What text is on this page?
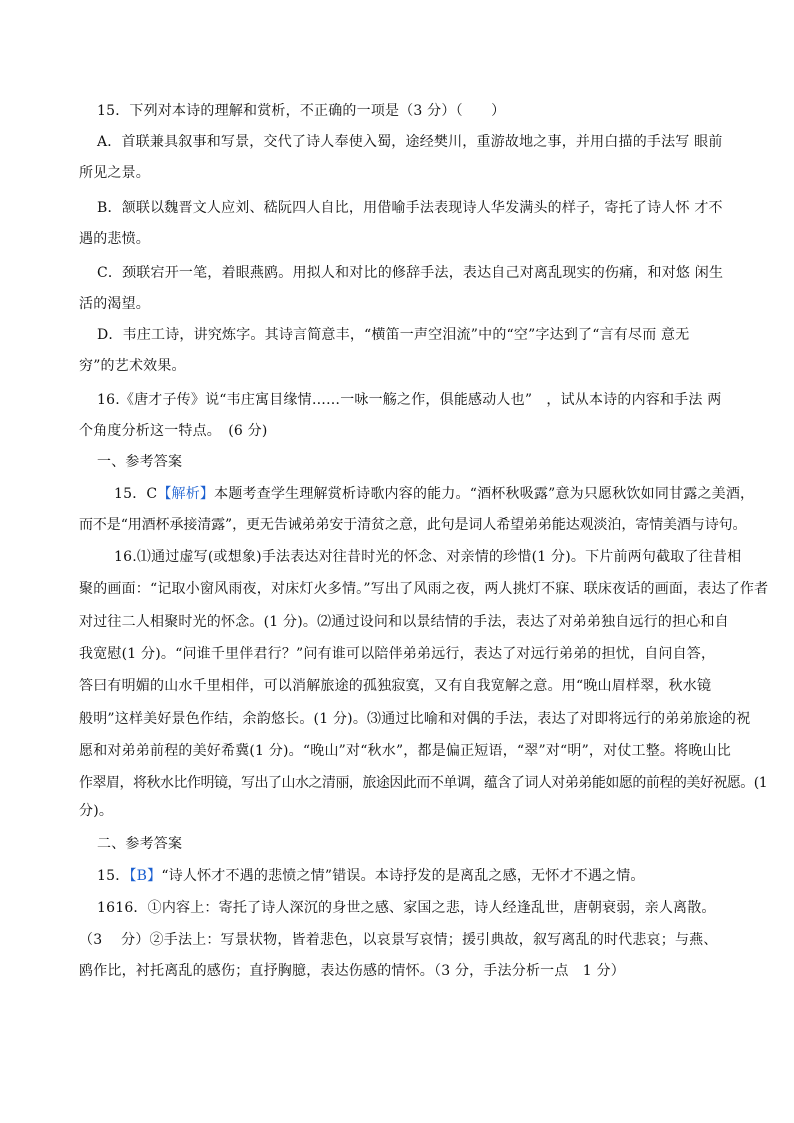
15．下列对本诗的理解和赏析，不正确的一项是（3 分）（　　）
A．首联兼具叙事和写景，交代了诗人奉使入蜀，途经樊川，重游故地之事，并用白描的手法写 眼前
所见之景。
B．颔联以魏晋文人应刘、嵇阮四人自比，用借喻手法表现诗人华发满头的样子，寄托了诗人怀 才不
遇的悲愤。
C．颈联宕开一笔，着眼燕鸥。用拟人和对比的修辞手法，表达自己对离乱现实的伤痛，和对悠 闲生
活的渴望。
D．韦庄工诗，讲究炼字。其诗言简意丰，“横笛一声空泪流”中的“空”字达到了“言有尽而 意无
穷”的艺术效果。
16.《唐才子传》说“韦庄寓目缘情……一咏一觞之作，俱能感动人也”　，试从本诗的内容和手法 两
个角度分析这一特点。　(6 分)
一、参考答案
15．C【解析】本题考查学生理解赏析诗歌内容的能力。“酒杯秋吸露”意为只愿秋饮如同甘露之美酒，
而不是“用酒杯承接清露”，更无告诫弟弟安于清贫之意，此句是词人希望弟弟能达观淡泊，寄情美酒与诗句。
16.⑴通过虚写(或想象)手法表达对往昔时光的怀念、对亲情的珍惜(1 分)。下片前两句截取了往昔相
聚的画面：“记取小窗风雨夜，对床灯火多情。”写出了风雨之夜，两人挑灯不寐、联床夜话的画面，表达了作者
对过往二人相聚时光的怀念。(1 分)。⑵通过设问和以景结情的手法，表达了对弟弟独自远行的担心和自
我宽慰(1 分)。“问谁千里伴君行？”问有谁可以陪伴弟弟远行，表达了对远行弟弟的担忧，自问自答，
答曰有明媚的山水千里相伴，可以消解旅途的孤独寂寞，又有自我宽解之意。用“晚山眉样翠，秋水镜
般明”这样美好景色作结，余韵悠长。(1 分)。⑶通过比喻和对偶的手法，表达了对即将远行的弟弟旅途的祝
愿和对弟弟前程的美好希冀(1 分)。“晚山”对“秋水”，都是偏正短语，“翠”对“明”，对仗工整。将晚山比
作翠眉，将秋水比作明镜，写出了山水之清丽，旅途因此而不单调，蕴含了词人对弟弟能如愿的前程的美好祝愿。(1
分)。
二、参考答案
15．【B】“诗人怀才不遇的悲愤之情”错误。本诗抒发的是离乱之感，无怀才不遇之情。
1616．①内容上：寄托了诗人深沉的身世之感、家国之悲，诗人经逢乱世，唐朝衰弱，亲人离散。
（3　 分）②手法上：写景状物，皆着悲色，以哀景写哀情；援引典故，叙写离乱的时代悲哀；与燕、
鸥作比，衬托离乱的感伤；直抒胸臆，表达伤感的情怀。（3 分，手法分析一点　1 分）
